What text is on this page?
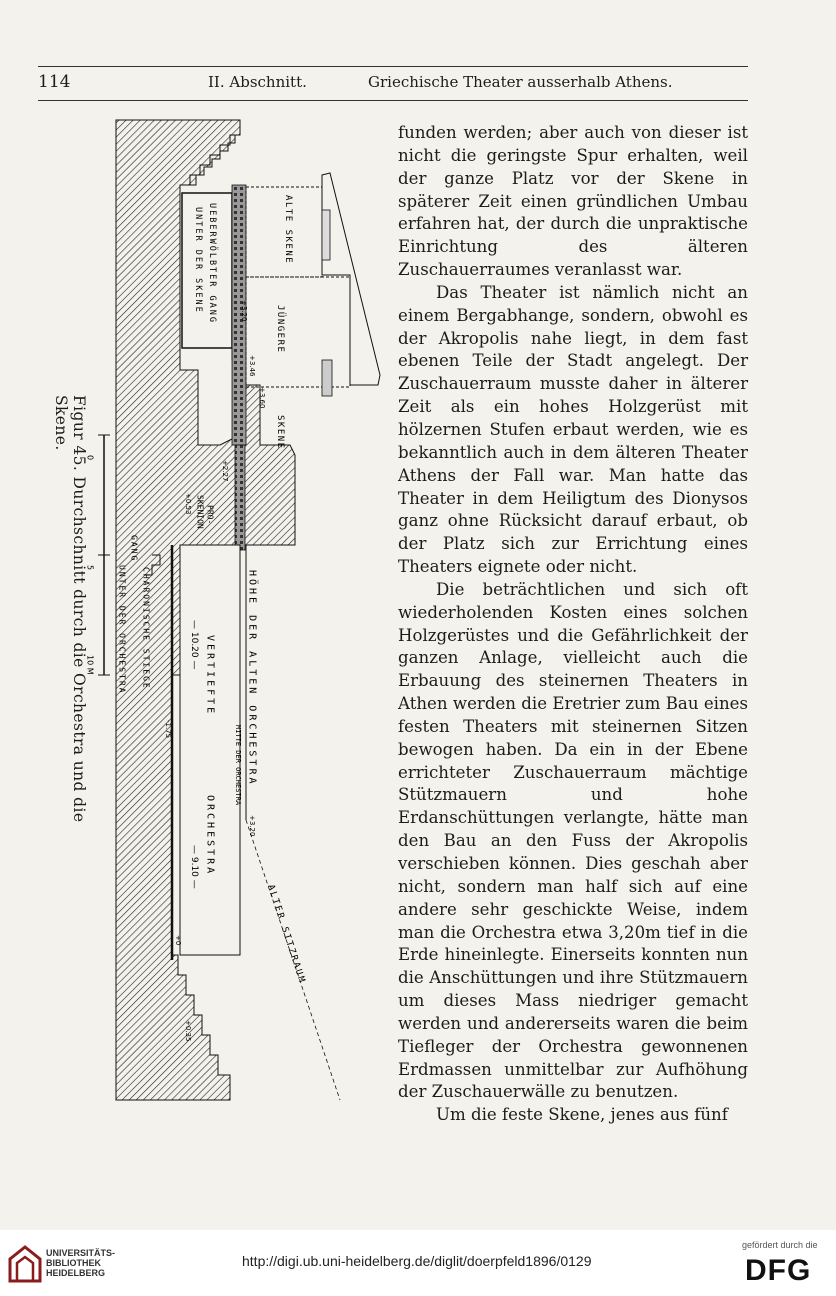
114	II. Abschnitt.	Griechische Theater ausserhalb Athens.

funden werden; aber auch von dieser ist nicht die geringste Spur erhalten, weil der ganze Platz vor der Skene in späterer Zeit einen gründlichen Umbau erfahren hat, der durch die unpraktische Einrichtung des älteren Zuschauerraumes veranlasst war.

Das Theater ist nämlich nicht an einem Bergabhange, sondern, obwohl es der Akropolis nahe liegt, in dem fast ebenen Teile der Stadt angelegt. Der Zuschauerraum musste daher in älterer Zeit als ein hohes Holzgerüst mit hölzernen Stufen erbaut werden, wie es bekanntlich auch in dem älteren Theater Athens der Fall war. Man hatte das Theater in dem Heiligtum des Dionysos ganz ohne Rücksicht darauf erbaut, ob der Platz sich zur Errichtung eines Theaters eignete oder nicht.

Die beträchtlichen und sich oft wiederholenden Kosten eines solchen Holzgerüstes und die Gefährlichkeit der ganzen Anlage, vielleicht auch die Erbauung des steinernen Theaters in Athen werden die Eretrier zum Bau eines festen Theaters mit steinernen Sitzen bewogen haben. Da ein in der Ebene errichteter Zuschauerraum mächtige Stützmauern und hohe Erdanschüttungen verlangte, hätte man den Bau an den Fuss der Akropolis verschieben können. Dies geschah aber nicht, sondern man half sich auf eine andere sehr geschickte Weise, indem man die Orchestra etwa 3,20m tief in die Erde hineinlegte. Einerseits konnten nun die Anschüttungen und ihre Stützmauern um dieses Mass niedriger gemacht werden und andererseits waren die beim Tiefleger der Orchestra gewonnenen Erdmassen unmittelbar zur Aufhöhung der Zuschauerwälle zu benutzen.

Um die feste Skene, jenes aus fünf

Figur 45. Durchschnitt durch die Orchestra und die Skene.
UEBERWÖLBTER GANG
UNTER DER SKENE	ALTE SKENE
JÜNGERE
SKENE
+3.20
+3.46
+3.60
+2.27
PRO-
SKENION
+0.53
HÖHE DER ALTEN ORCHESTRA
VERTIEFTE
ORCHESTRA
— 10.20 —
— 9.10 —
CHARONISCHE STIEGE
GANG
UNTER DER ORCHESTRA
-1.75	MITTE DER ORCHESTRA
+3.20
+0
+0.35
ALTER SITZRAUM
0
5
10 M
UNIVERSITÄTS-
BIBLIOTHEK
HEIDELBERG
http://digi.ub.uni-heidelberg.de/diglit/doerpfeld1896/0129
gefördert durch die
DFG
